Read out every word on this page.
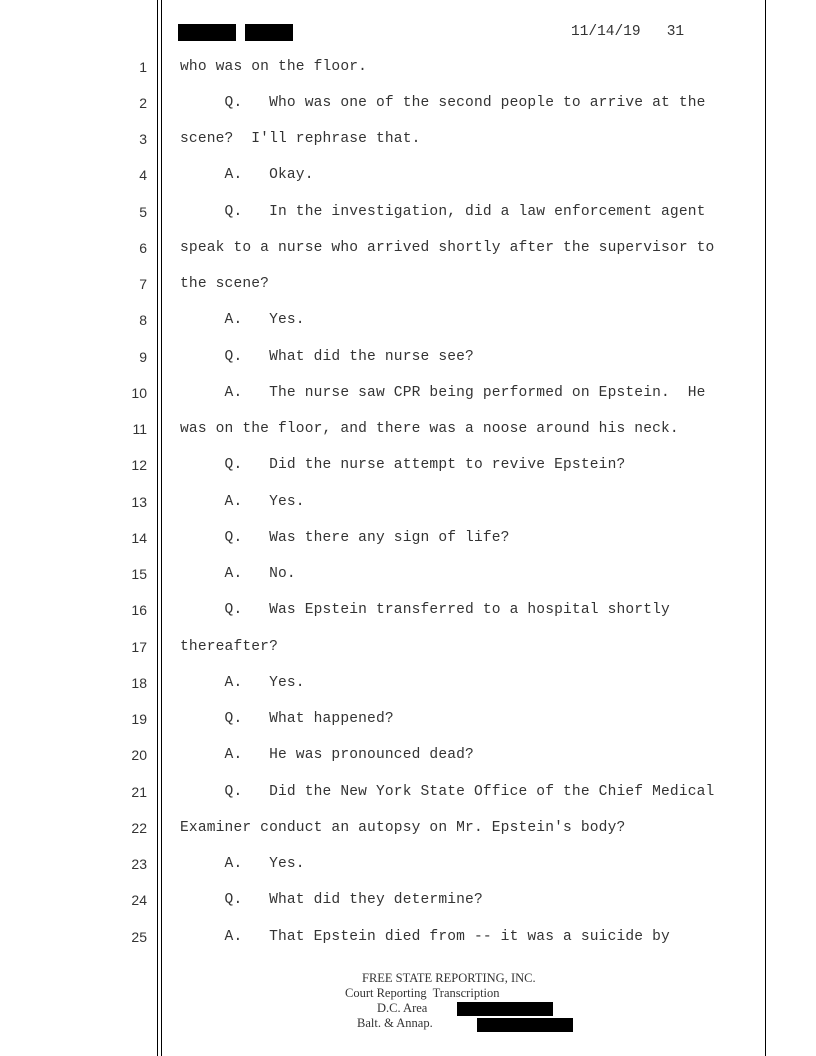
11/14/19 31
1 who was on the floor.
2 Q.   Who was one of the second people to arrive at the
3 scene?  I'll rephrase that.
4 A.   Okay.
5 Q.   In the investigation, did a law enforcement agent
6 speak to a nurse who arrived shortly after the supervisor to
7 the scene?
8 A.   Yes.
9 Q.   What did the nurse see?
10 A.   The nurse saw CPR being performed on Epstein.  He
11 was on the floor, and there was a noose around his neck.
12 Q.   Did the nurse attempt to revive Epstein?
13 A.   Yes.
14 Q.   Was there any sign of life?
15 A.   No.
16 Q.   Was Epstein transferred to a hospital shortly
17 thereafter?
18 A.   Yes.
19 Q.   What happened?
20 A.   He was pronounced dead?
21 Q.   Did the New York State Office of the Chief Medical
22 Examiner conduct an autopsy on Mr. Epstein's body?
23 A.   Yes.
24 Q.   What did they determine?
25 A.   That Epstein died from -- it was a suicide by
FREE STATE REPORTING, INC.
Court Reporting  Transcription
D.C. Area
Balt. & Annap.
